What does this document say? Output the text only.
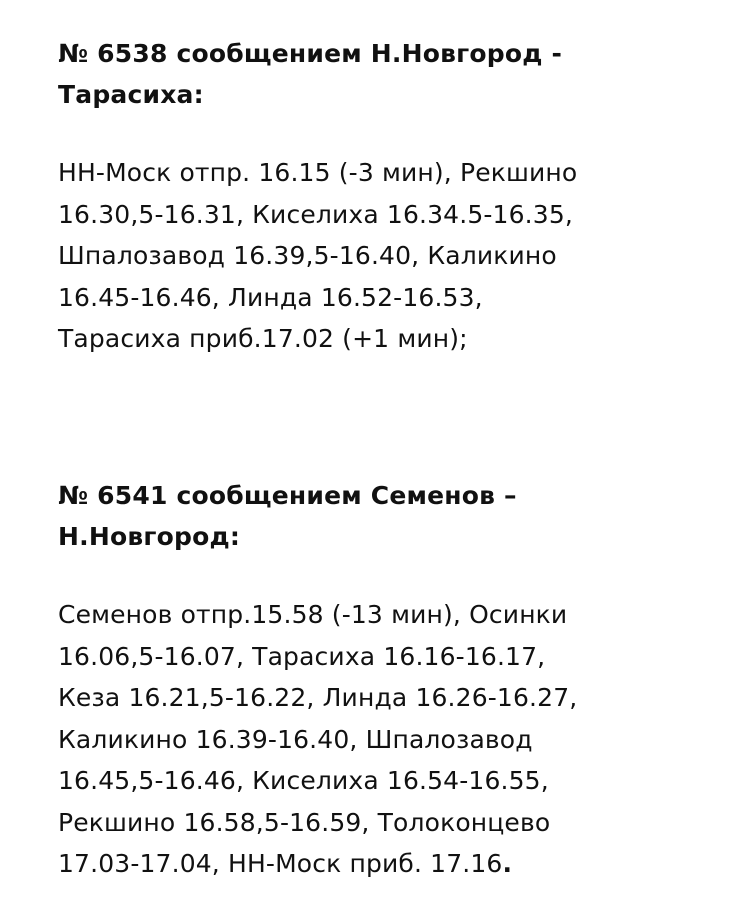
№ 6538 сообщением Н.Новгород -
Тарасиха:

НН-Моск отпр. 16.15 (-3 мин), Рекшино
16.30,5-16.31, Киселиха 16.34.5-16.35,
Шпалозавод 16.39,5-16.40, Каликино
16.45-16.46, Линда 16.52-16.53,
Тарасиха приб.17.02 (+1 мин);

№ 6541 сообщением Семенов –
Н.Новгород:

Семенов отпр.15.58 (-13 мин), Осинки
16.06,5-16.07, Тарасиха 16.16-16.17,
Кеза 16.21,5-16.22, Линда 16.26-16.27,
Каликино 16.39-16.40, Шпалозавод
16.45,5-16.46, Киселиха 16.54-16.55,
Рекшино 16.58,5-16.59, Толоконцево
17.03-17.04, НН-Моск приб. 17.16.
